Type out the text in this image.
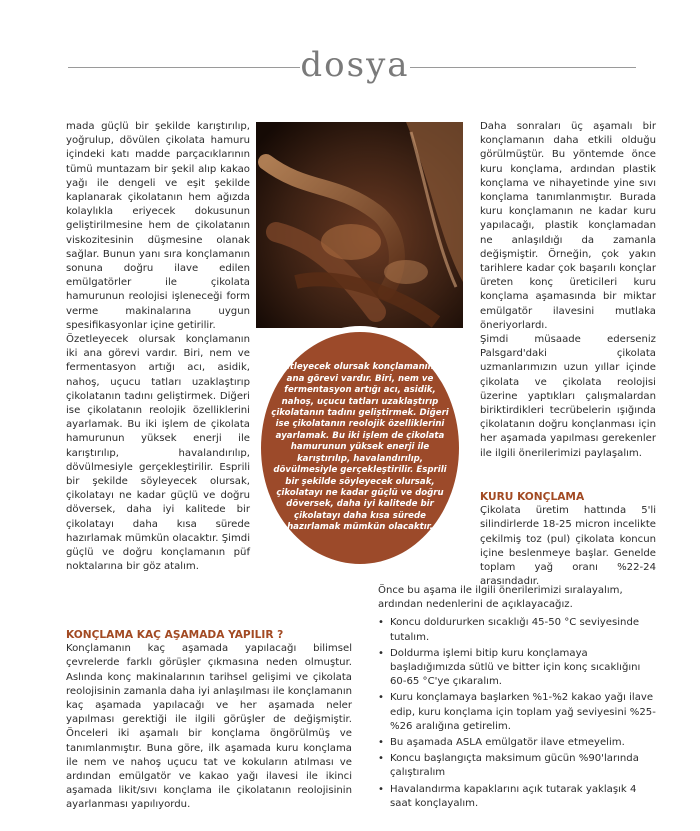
dosya

mada güçlü bir şekilde karıştırılıp, yoğrulup, dövülen çikolata hamuru içindeki katı madde parçacıklarının tümü muntazam bir şekil alıp kakao yağı ile dengeli ve eşit şekilde kaplanarak çikolatanın hem ağızda kolaylıkla eriyecek dokusunun geliştirilmesine hem de çikolatanın viskozitesinin düşmesine olanak sağlar. Bunun yanı sıra konçlamanın sonuna doğru ilave edilen emülgatörler ile çikolata hamurunun reolojisi işleneceği form verme makinalarına uygun spesifikasyonlar içine getirilir.

Özetleyecek olursak konçlamanın iki ana görevi vardır. Biri, nem ve fermentasyon artığı acı, asidik, nahoş, uçucu tatları uzaklaştırıp çikolatanın tadını geliştirmek. Diğeri ise çikolatanın reolojik özelliklerini ayarlamak. Bu iki işlem de çikolata hamurunun yüksek enerji ile karıştırılıp, havalandırılıp, dövülmesiyle gerçekleştirilir. Esprili bir şekilde söyleyecek olursak, çikolatayı ne kadar güçlü ve doğru döversek, daha iyi kalitede bir çikolatayı daha kısa sürede hazırlamak mümkün olacaktır. Şimdi güçlü ve doğru konçlamanın püf noktalarına bir göz atalım.

Özetleyecek olursak konçlamanın iki ana görevi vardır. Biri, nem ve fermentasyon artığı acı, asidik, nahoş, uçucu tatları uzaklaştırıp çikolatanın tadını geliştirmek. Diğeri ise çikolatanın reolojik özelliklerini ayarlamak. Bu iki işlem de çikolata hamurunun yüksek enerji ile karıştırılıp, havalandırılıp, dövülmesiyle gerçekleştirilir. Esprili bir şekilde söyleyecek olursak, çikolatayı ne kadar güçlü ve doğru döversek, daha iyi kalitede bir çikolatayı daha kısa sürede hazırlamak mümkün olacaktır.

KONÇLAMA KAÇ AŞAMADA YAPILIR ?

Konçlamanın kaç aşamada yapılacağı bilimsel çevrelerde farklı görüşler çıkmasına neden olmuştur. Aslında konç makinalarının tarihsel gelişimi ve çikolata reolojisinin zamanla daha iyi anlaşılması ile konçlamanın kaç aşamada yapılacağı ve her aşamada neler yapılması gerektiği ile ilgili görüşler de değişmiştir. Önceleri iki aşamalı bir konçlama öngörülmüş ve tanımlanmıştır. Buna göre, ilk aşamada kuru konçlama ile nem ve nahoş uçucu tat ve kokuların atılması ve ardından emülgatör ve kakao yağı ilavesi ile ikinci aşamada likit/sıvı konçlama ile çikolatanın reolojisinin ayarlanması yapılıyordu.

Daha sonraları üç aşamalı bir konçlamanın daha etkili olduğu görülmüştür. Bu yöntemde önce kuru konçlama, ardından plastik konçlama ve nihayetinde yine sıvı konçlama tanımlanmıştır. Burada kuru konçlamanın ne kadar kuru yapılacağı, plastik konçlamadan ne anlaşıldığı da zamanla değişmiştir. Örneğin, çok yakın tarihlere kadar çok başarılı konçlar üreten konç üreticileri kuru konçlama aşamasında bir miktar emülgatör ilavesini mutlaka öneriyorlardı.

Şimdi müsaade ederseniz Palsgard'daki çikolata uzmanlarımızın uzun yıllar içinde çikolata ve çikolata reolojisi üzerine yaptıkları çalışmalardan biriktirdikleri tecrübelerin ışığında çikolatanın doğru konçlanması için her aşamada yapılması gerekenler ile ilgili önerilerimizi paylaşalım.

KURU KONÇLAMA

Çikolata üretim hattında 5'li silindirlerde 18-25 micron incelikte çekilmiş toz (pul) çikolata koncun içine beslenmeye başlar. Genelde toplam yağ oranı %22-24 arasındadır.

Önce bu aşama ile ilgili önerilerimizi sıralayalım, ardından nedenlerini de açıklayacağız.

• Koncu doldururken sıcaklığı 45-50 °C seviyesinde tutalım.
• Doldurma işlemi bitip kuru konçlamaya başladığımızda sütlü ve bitter için konç sıcaklığını 60-65 °C'ye çıkaralım.
• Kuru konçlamaya başlarken %1-%2 kakao yağı ilave edip, kuru konçlama için toplam yağ seviyesini %25-%26 aralığına getirelim.
• Bu aşamada ASLA emülgatör ilave etmeyelim.
• Koncu başlangıçta maksimum gücün %90'larında çalıştıralım
• Havalandırma kapaklarını açık tutarak yaklaşık 4 saat konçlayalım.
